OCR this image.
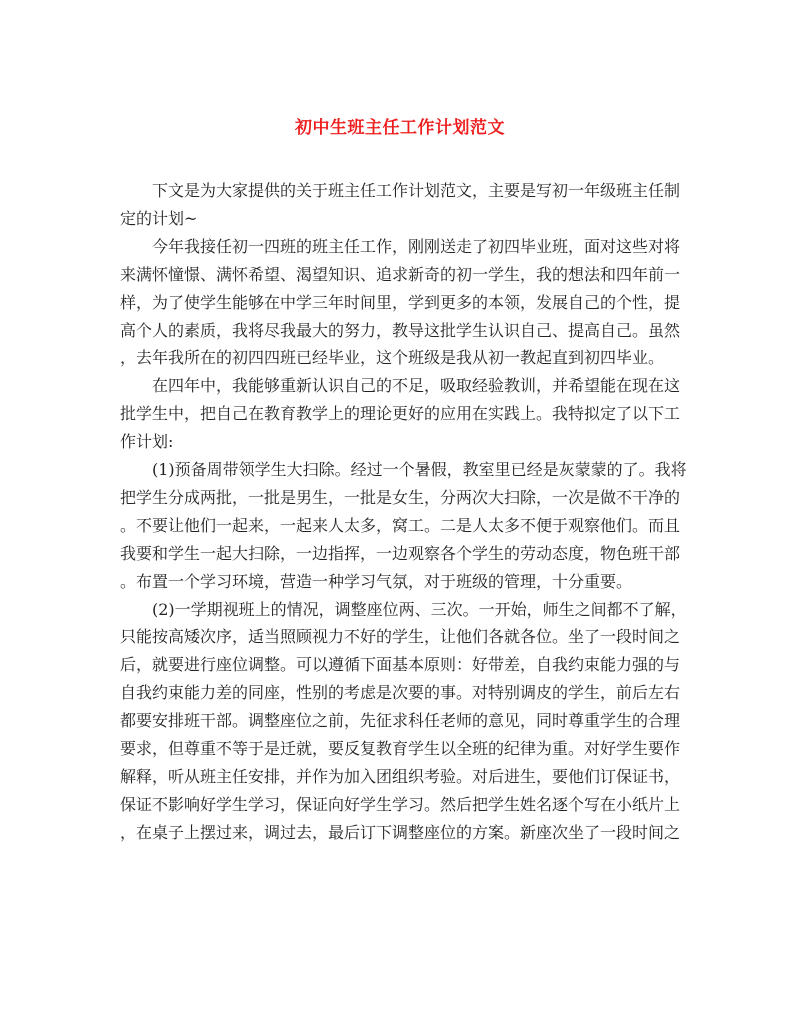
初中生班主任工作计划范文
下文是为大家提供的关于班主任工作计划范文，主要是写初一年级班主任制
定的计划~
今年我接任初一四班的班主任工作，刚刚送走了初四毕业班，面对这些对将
来满怀憧憬、满怀希望、渴望知识、追求新奇的初一学生，我的想法和四年前一
样，为了使学生能够在中学三年时间里，学到更多的本领，发展自己的个性，提
高个人的素质，我将尽我最大的努力，教导这批学生认识自己、提高自己。虽然
，去年我所在的初四四班已经毕业，这个班级是我从初一教起直到初四毕业。
在四年中，我能够重新认识自己的不足，吸取经验教训，并希望能在现在这
批学生中，把自己在教育教学上的理论更好的应用在实践上。我特拟定了以下工
作计划:
(1)预备周带领学生大扫除。经过一个暑假，教室里已经是灰蒙蒙的了。我将
把学生分成两批，一批是男生，一批是女生，分两次大扫除，一次是做不干净的
。不要让他们一起来，一起来人太多，窝工。二是人太多不便于观察他们。而且
我要和学生一起大扫除，一边指挥，一边观察各个学生的劳动态度，物色班干部
。布置一个学习环境，营造一种学习气氛，对于班级的管理，十分重要。
(2)一学期视班上的情况，调整座位两、三次。一开始，师生之间都不了解，
只能按高矮次序，适当照顾视力不好的学生，让他们各就各位。坐了一段时间之
后，就要进行座位调整。可以遵循下面基本原则：好带差，自我约束能力强的与
自我约束能力差的同座，性别的考虑是次要的事。对特别调皮的学生，前后左右
都要安排班干部。调整座位之前，先征求科任老师的意见，同时尊重学生的合理
要求，但尊重不等于是迁就，要反复教育学生以全班的纪律为重。对好学生要作
解释，听从班主任安排，并作为加入团组织考验。对后进生，要他们订保证书，
保证不影响好学生学习，保证向好学生学习。然后把学生姓名逐个写在小纸片上
，在桌子上摆过来，调过去，最后订下调整座位的方案。新座次坐了一段时间之
